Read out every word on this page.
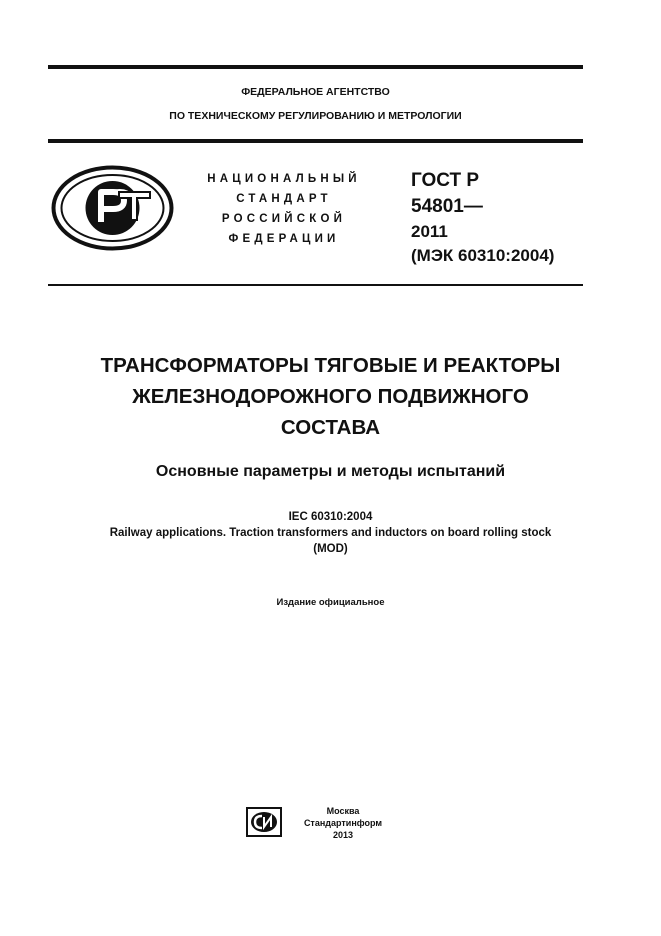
ФЕДЕРАЛЬНОЕ АГЕНТСТВО
ПО ТЕХНИЧЕСКОМУ РЕГУЛИРОВАНИЮ И МЕТРОЛОГИИ
НАЦИОНАЛЬНЫЙ
СТАНДАРТ
РОССИЙСКОЙ
ФЕДЕРАЦИИ
ГОСТ Р
54801—
2011
(МЭК 60310:2004)
ТРАНСФОРМАТОРЫ ТЯГОВЫЕ И РЕАКТОРЫ
ЖЕЛЕЗНОДОРОЖНОГО ПОДВИЖНОГО
СОСТАВА
Основные параметры и методы испытаний
IEC 60310:2004
Railway applications. Traction transformers and inductors on board rolling stock
(MOD)
Издание официальное
Москва
Стандартинформ
2013
